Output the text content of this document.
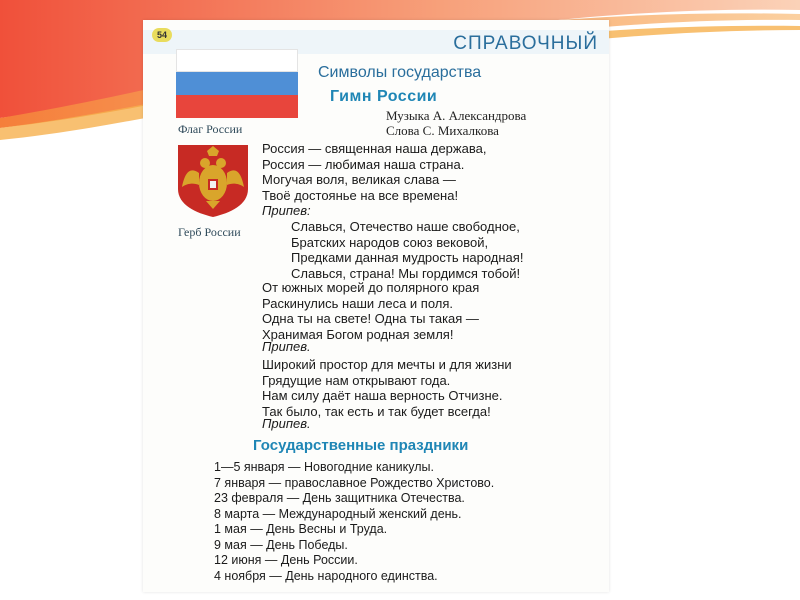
54	СПРАВОЧНЫЙ
Флаг России
Герб России
Символы государства
Гимн России
Музыка А. Александрова
Слова С. Михалкова
Россия — священная наша держава,
Россия — любимая наша страна.
Могучая воля, великая слава —
Твоё достоянье на все времена!
Припев:
Славься, Отечество наше свободное,
Братских народов союз вековой,
Предками данная мудрость народная!
Славься, страна! Мы гордимся тобой!
От южных морей до полярного края
Раскинулись наши леса и поля.
Одна ты на свете! Одна ты такая —
Хранимая Богом родная земля!
Припев.
Широкий простор для мечты и для жизни
Грядущие нам открывают года.
Нам силу даёт наша верность Отчизне.
Так было, так есть и так будет всегда!
Припев.
Государственные праздники
1—5 января — Новогодние каникулы.
7 января — православное Рождество Христово.
23 февраля — День защитника Отечества.
8 марта — Международный женский день.
1 мая — День Весны и Труда.
9 мая — День Победы.
12 июня — День России.
4 ноября — День народного единства.
